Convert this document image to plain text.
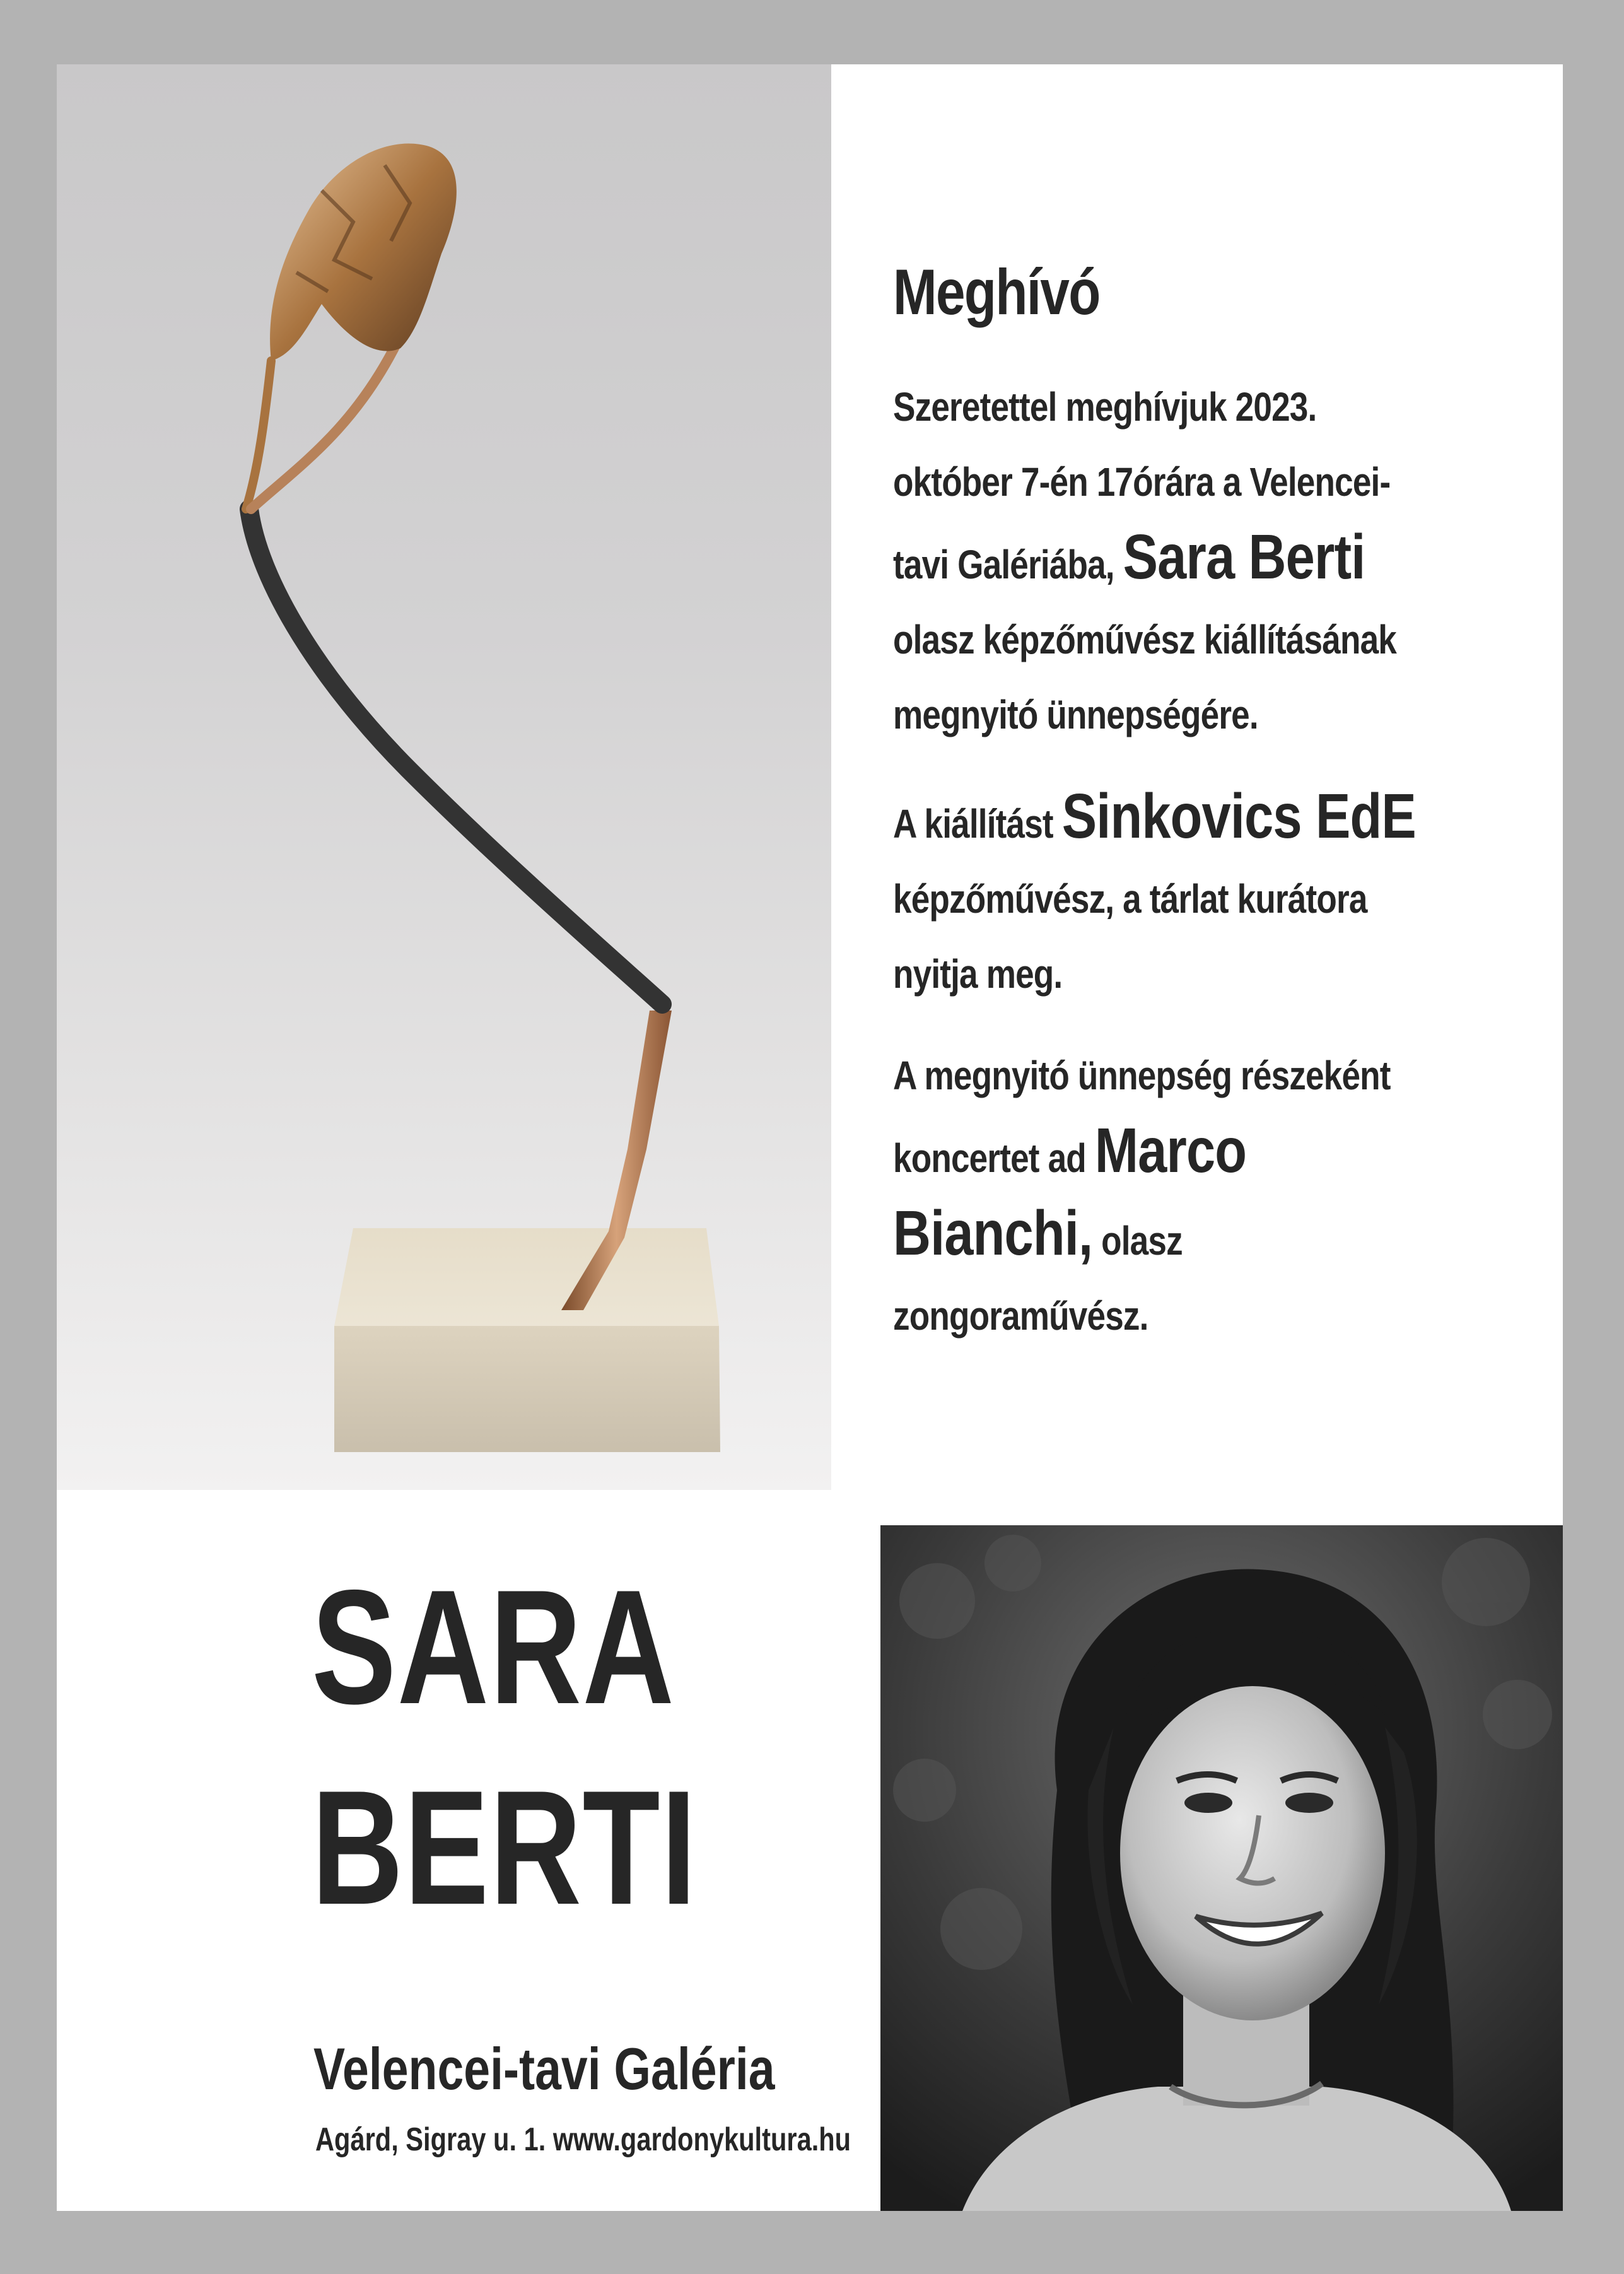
Meghívó
Szeretettel meghívjuk 2023.
október 7-én 17órára a Velencei-
tavi Galériába, Sara Berti
olasz képzőművész kiállításának
megnyitó ünnepségére.
A kiállítást Sinkovics EdE
képzőművész, a tárlat kurátora
nyitja meg.
A megnyitó ünnepség részeként
koncertet ad Marco
Bianchi, olasz
zongoraművész.
SARA
BERTI
Velencei-tavi Galéria
Agárd, Sigray u. 1. www.gardonykultura.hu
